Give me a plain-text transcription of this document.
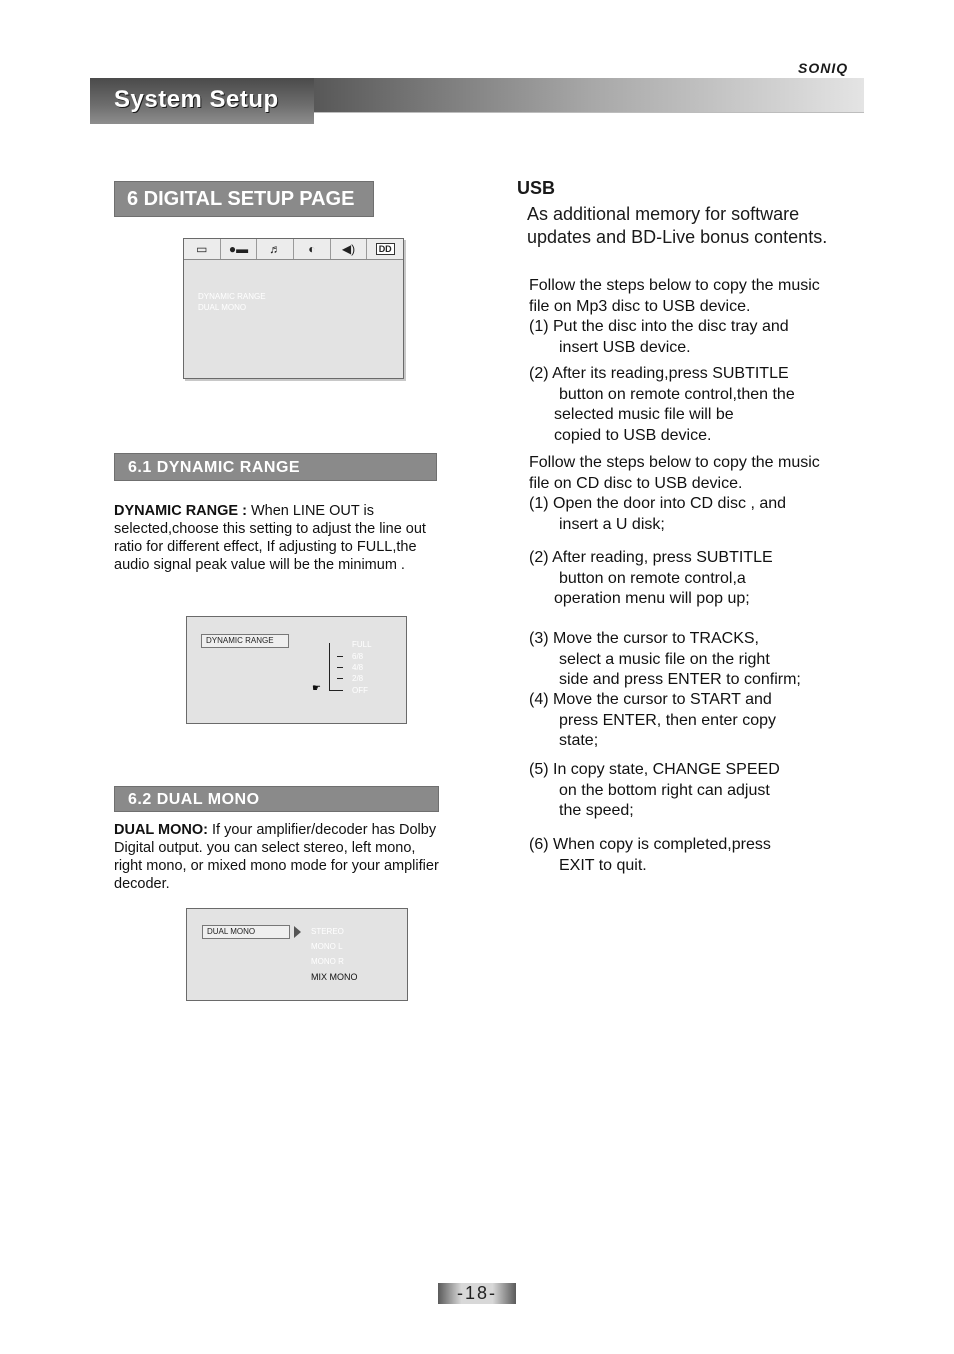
SONIQ
System Setup
6 DIGITAL SETUP PAGE
▭ ●▬ ♬ ◐ ◀)	DD
DYNAMIC RANGE
DUAL MONO
6.1 DYNAMIC RANGE
DYNAMIC RANGE : When LINE OUT is selected,choose this setting to adjust the line out ratio for different effect, If adjusting to FULL,the audio signal peak value will be the minimum .
DYNAMIC RANGE	FULL
6/8
4/8
2/8
OFF
☛
6.2 DUAL MONO
DUAL MONO: If your amplifier/decoder has Dolby Digital output. you can select stereo, left mono, right mono, or mixed mono mode for your amplifier decoder.
DUAL MONO	STEREO
MONO L
MONO R
MIX MONO
USB
As additional memory for software updates and BD-Live bonus contents.
Follow the steps below to copy the music file on Mp3 disc to USB device.
(1) Put the disc into the disc tray and
insert USB device.
(2) After its reading,press SUBTITLE
button on remote control,then the
selected music file will be
copied to USB device.
Follow the steps below to copy the music file on CD disc to USB device.
(1) Open the door into CD disc , and
insert a U disk;
(2) After reading, press SUBTITLE
button on remote control,a
operation menu will pop up;
(3) Move the cursor to TRACKS,
select a music file on the right
side and press ENTER to confirm;
(4) Move the cursor to START and
press ENTER, then enter copy
state;
(5) In copy state, CHANGE SPEED
on the bottom right can adjust
the speed;
(6) When copy is completed,press
EXIT to quit.
-18-
